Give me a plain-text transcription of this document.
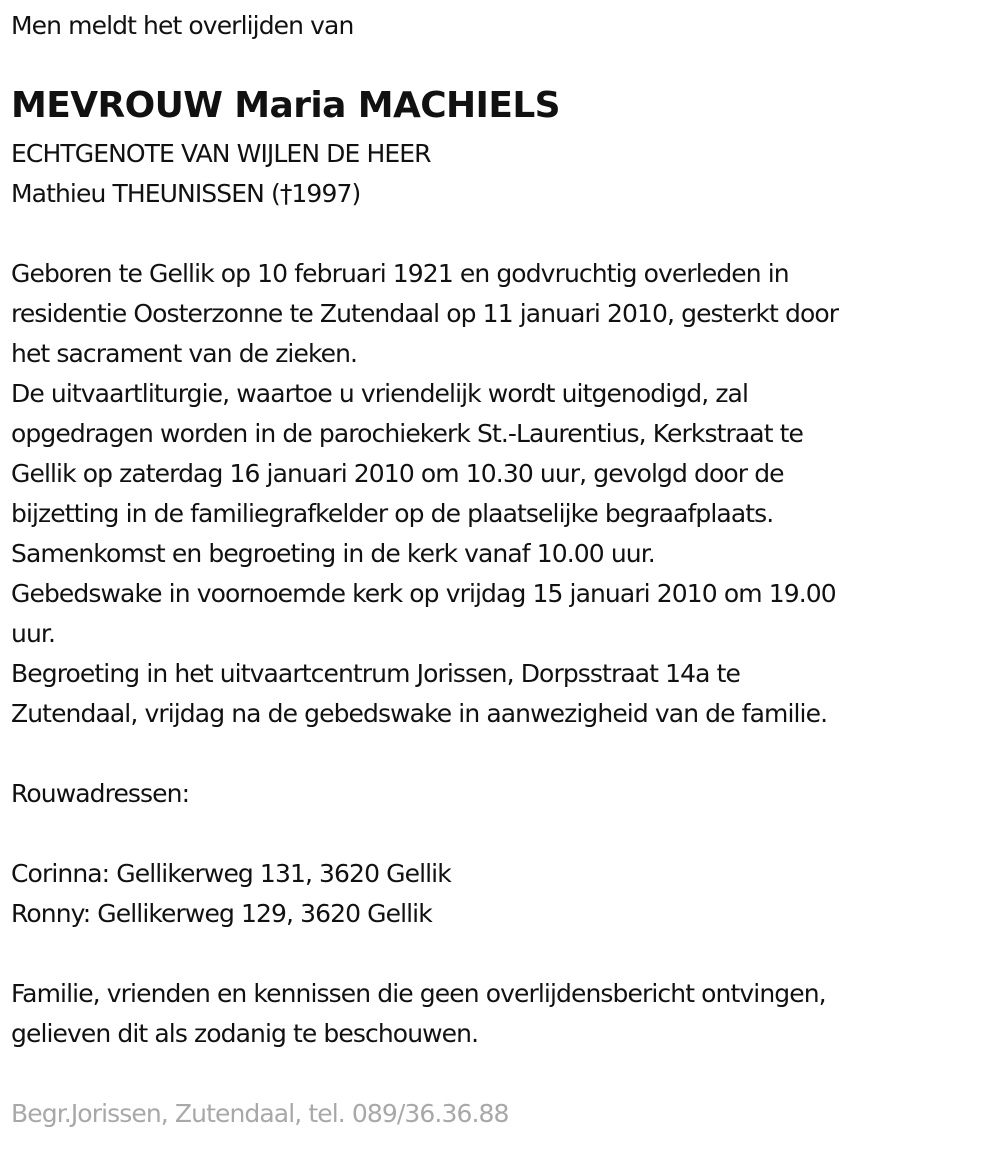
Men meldt het overlijden van
MEVROUW Maria MACHIELS
ECHTGENOTE VAN WIJLEN DE HEER
Mathieu THEUNISSEN (†1997)
Geboren te Gellik op 10 februari 1921 en godvruchtig overleden in
residentie Oosterzonne te Zutendaal op 11 januari 2010, gesterkt door
het sacrament van de zieken.
De uitvaartliturgie, waartoe u vriendelijk wordt uitgenodigd, zal
opgedragen worden in de parochiekerk St.-Laurentius, Kerkstraat te
Gellik op zaterdag 16 januari 2010 om 10.30 uur, gevolgd door de
bijzetting in de familiegrafkelder op de plaatselijke begraafplaats.
Samenkomst en begroeting in de kerk vanaf 10.00 uur.
Gebedswake in voornoemde kerk op vrijdag 15 januari 2010 om 19.00
uur.
Begroeting in het uitvaartcentrum Jorissen, Dorpsstraat 14a te
Zutendaal, vrijdag na de gebedswake in aanwezigheid van de familie.
Rouwadressen:
Corinna: Gellikerweg 131, 3620 Gellik
Ronny: Gellikerweg 129, 3620 Gellik
Familie, vrienden en kennissen die geen overlijdensbericht ontvingen,
gelieven dit als zodanig te beschouwen.
Begr.Jorissen, Zutendaal, tel. 089/36.36.88
